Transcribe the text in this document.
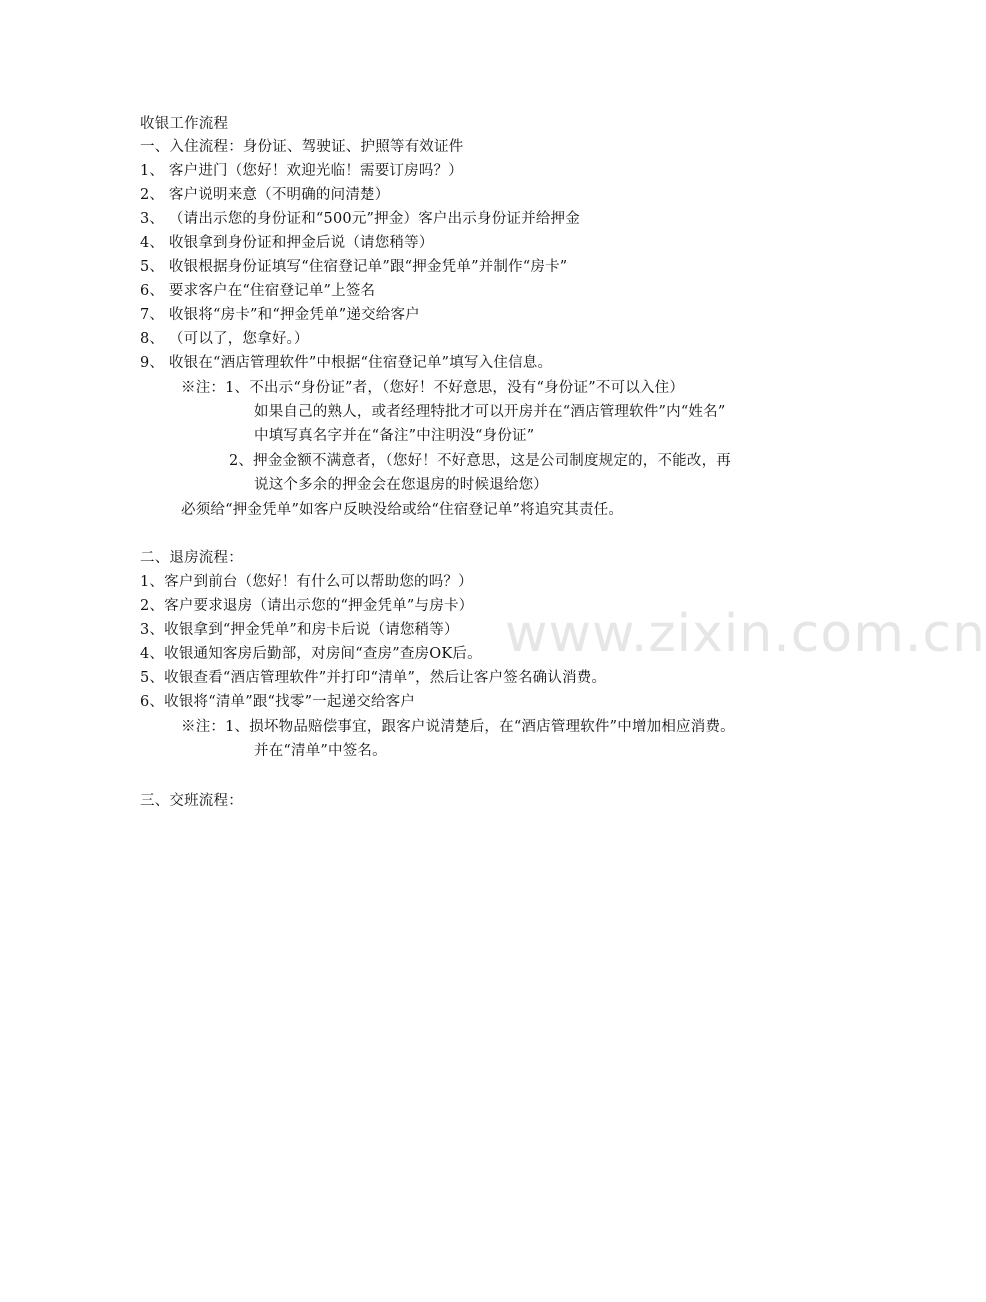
www.zixin.com.cn
收银工作流程
一、入住流程：身份证、驾驶证、护照等有效证件
1、 客户进门（您好！欢迎光临！需要订房吗？）
2、 客户说明来意（不明确的问清楚）
3、 （请出示您的身份证和“500元”押金）客户出示身份证并给押金
4、 收银拿到身份证和押金后说（请您稍等）
5、 收银根据身份证填写“住宿登记单”跟“押金凭单”并制作“房卡”
6、 要求客户在“住宿登记单”上签名
7、 收银将“房卡”和“押金凭单”递交给客户
8、 （可以了，您拿好。）
9、 收银在“酒店管理软件”中根据“住宿登记单”填写入住信息。
※注：1、不出示“身份证”者，（您好！不好意思，没有“身份证”不可以入住）
如果自己的熟人，或者经理特批才可以开房并在“酒店管理软件”内“姓名”
中填写真名字并在“备注”中注明没“身份证”
2、押金金额不满意者，（您好！不好意思，这是公司制度规定的，不能改，再
说这个多余的押金会在您退房的时候退给您）
必须给“押金凭单”如客户反映没给或给“住宿登记单”将追究其责任。
二、退房流程：
1、客户到前台（您好！有什么可以帮助您的吗？）
2、客户要求退房（请出示您的“押金凭单”与房卡）
3、收银拿到“押金凭单”和房卡后说（请您稍等）
4、收银通知客房后勤部，对房间“查房”查房OK后。
5、收银查看“酒店管理软件”并打印“清单”，然后让客户签名确认消费。
6、收银将“清单”跟“找零”一起递交给客户
※注：1、损坏物品赔偿事宜，跟客户说清楚后，在“酒店管理软件”中增加相应消费。
并在“清单”中签名。
三、交班流程：
